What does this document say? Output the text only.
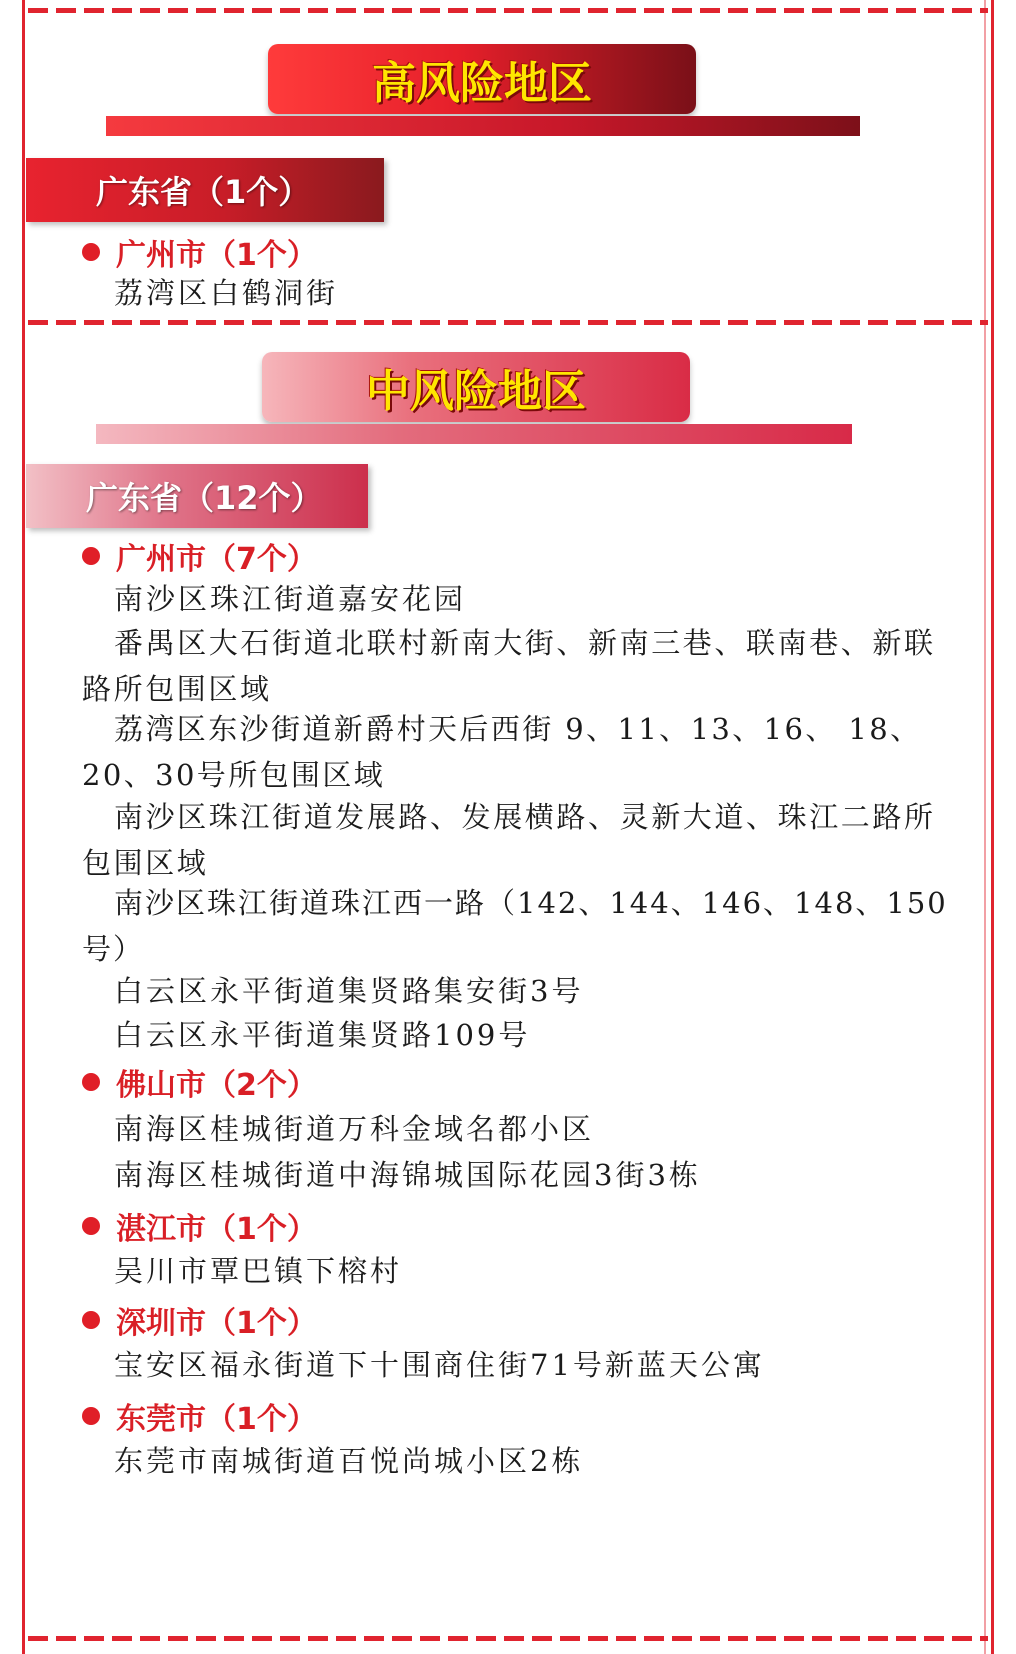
高风险地区
广东省（1个）
广州市（1个）
荔湾区白鹤洞街
中风险地区
广东省（12个）
广州市（7个）
南沙区珠江街道嘉安花园
番禺区大石街道北联村新南大街、新南三巷、联南巷、新联路所包围区域
荔湾区东沙街道新爵村天后西街 9、11、13、16、 18、20、30号所包围区域
南沙区珠江街道发展路、发展横路、灵新大道、珠江二路所包围区域
南沙区珠江街道珠江西一路（142、144、146、148、150号）
白云区永平街道集贤路集安街3号
白云区永平街道集贤路109号
佛山市（2个）
南海区桂城街道万科金域名都小区
南海区桂城街道中海锦城国际花园3街3栋
湛江市（1个）
吴川市覃巴镇下榕村
深圳市（1个）
宝安区福永街道下十围商住街71号新蓝天公寓
东莞市（1个）
东莞市南城街道百悦尚城小区2栋
